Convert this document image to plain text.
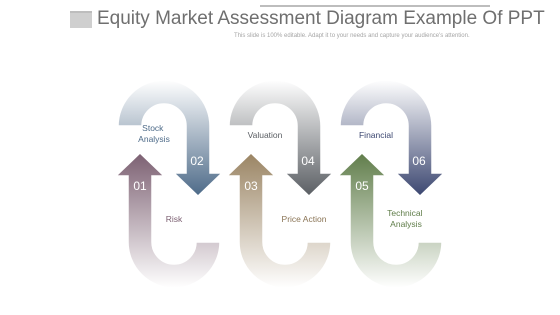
Equity Market Assessment Diagram Example Of PPT

This slide is 100% editable. Adapt it to your needs and capture your audience's attention.

01
02
03
04
05
06
Risk
Stock Analysis
Price Action
Valuation
Technical Analysis
Financial
